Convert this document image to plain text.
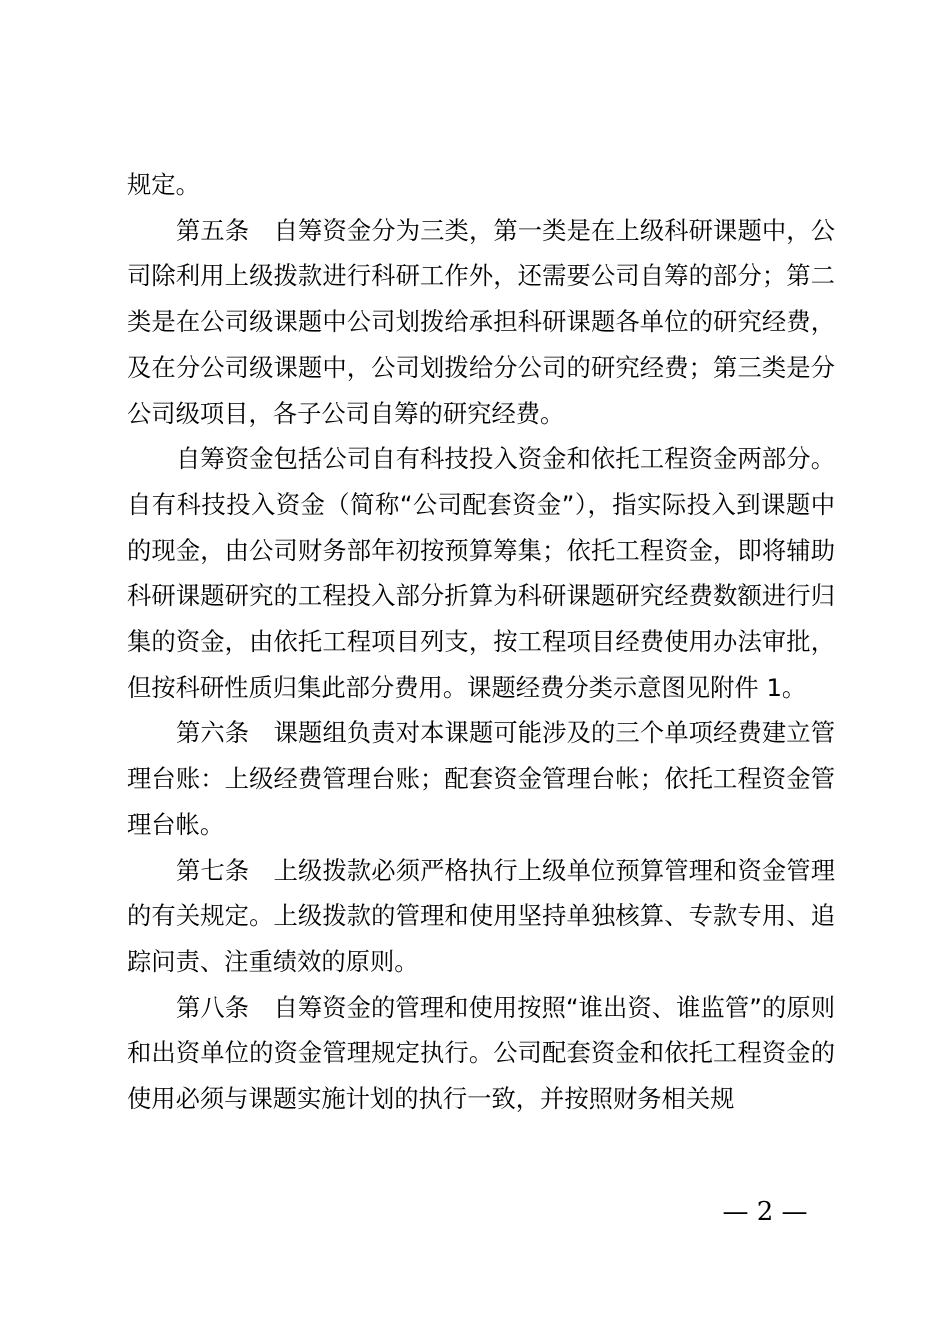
规定。

第五条　自筹资金分为三类，第一类是在上级科研课题中，公司除利用上级拨款进行科研工作外，还需要公司自筹的部分；第二类是在公司级课题中公司划拨给承担科研课题各单位的研究经费，及在分公司级课题中，公司划拨给分公司的研究经费；第三类是分公司级项目，各子公司自筹的研究经费。

自筹资金包括公司自有科技投入资金和依托工程资金两部分。自有科技投入资金（简称“公司配套资金”），指实际投入到课题中的现金，由公司财务部年初按预算筹集；依托工程资金，即将辅助科研课题研究的工程投入部分折算为科研课题研究经费数额进行归集的资金，由依托工程项目列支，按工程项目经费使用办法审批，但按科研性质归集此部分费用。课题经费分类示意图见附件 1。

第六条　课题组负责对本课题可能涉及的三个单项经费建立管理台账：上级经费管理台账；配套资金管理台帐；依托工程资金管理台帐。

第七条　上级拨款必须严格执行上级单位预算管理和资金管理的有关规定。上级拨款的管理和使用坚持单独核算、专款专用、追踪问责、注重绩效的原则。

第八条　自筹资金的管理和使用按照“谁出资、谁监管”的原则和出资单位的资金管理规定执行。公司配套资金和依托工程资金的使用必须与课题实施计划的执行一致，并按照财务相关规

— 2 —
